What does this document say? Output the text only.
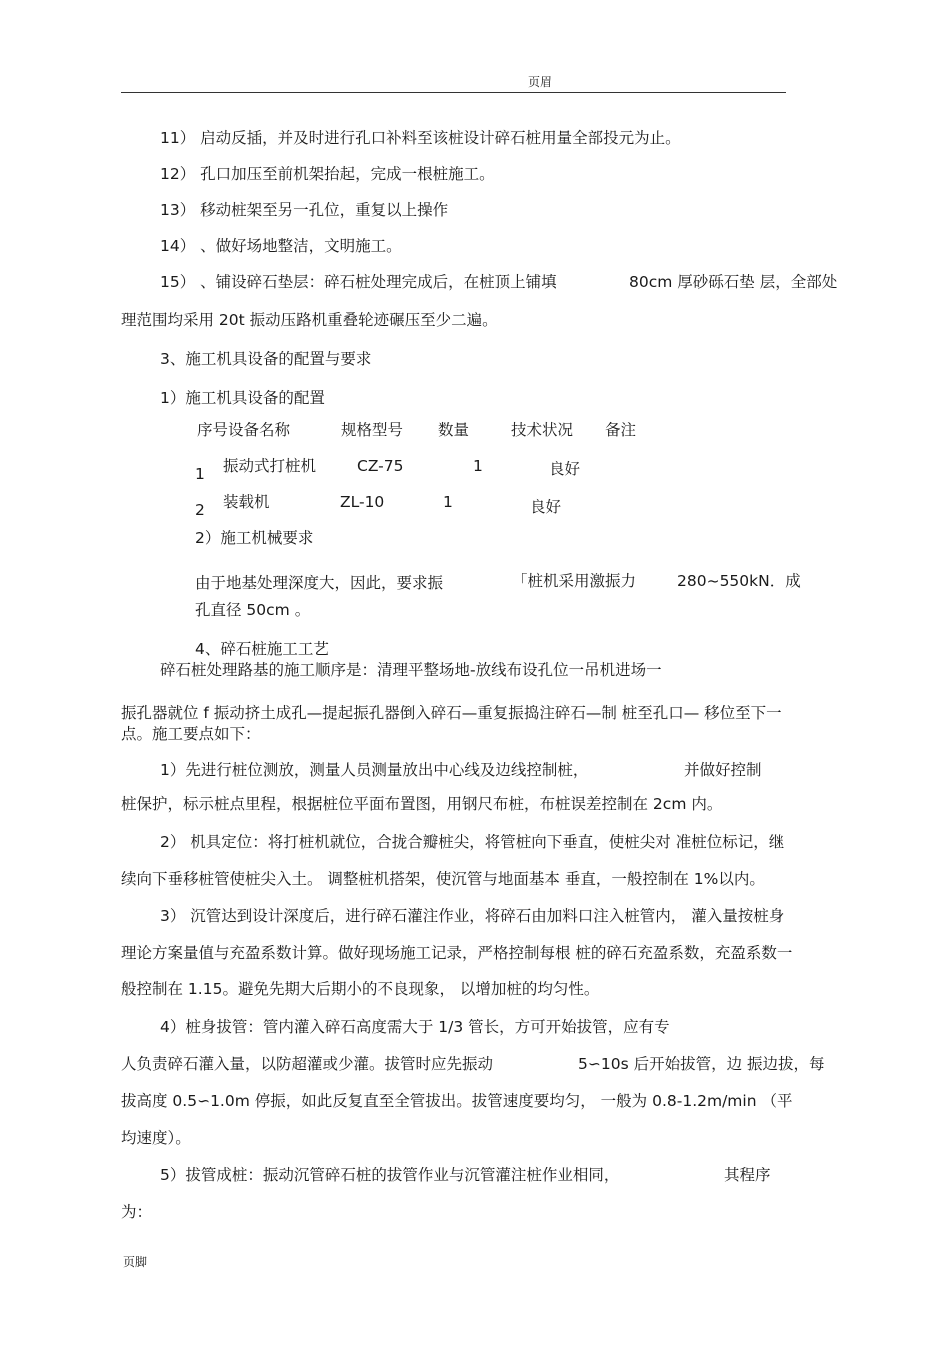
页眉
11） 启动反插，并及时进行孔口补料至该桩设计碎石桩用量全部投元为止。
12） 孔口加压至前机架抬起，完成一根桩施工。
13） 移动桩架至另一孔位，重复以上操作
14） 、做好场地整洁，文明施工。
15） 、铺设碎石垫层：碎石桩处理完成后，在桩顶上铺填	80cm 厚砂砾石垫 层，全部处
理范围均采用 20t 振动压路机重叠轮迹碾压至少二遍。
3、施工机具设备的配置与要求
1）施工机具设备的配置
序号设备名称	规格型号 数量	技术状况 备注
1 振动式打桩机	CZ-75	1	良好
2 装载机	ZL-10	1	良好
2）施工机械要求
由于地基处理深度大，因此，要求振	「桩机采用激振力	280~550kN．成
孔直径 50cm 。
4、碎石桩施工工艺
碎石桩处理路基的施工顺序是：清理平整场地-放线布设孔位一吊机进场一
振孔器就位 f 振动挤土成孔—提起振孔器倒入碎石—重复振捣注碎石—制 桩至孔口— 移位至下一
点。施工要点如下：
1）先进行桩位测放，测量人员测量放出中心线及边线控制桩，	并做好控制
桩保护，标示桩点里程，根据桩位平面布置图，用钢尺布桩，布桩误差控制在 2cm 内。
2） 机具定位：将打桩机就位，合拢合瓣桩尖，将管桩向下垂直，使桩尖对 准桩位标记，继
续向下垂移桩管使桩尖入土。 调整桩机搭架，使沉管与地面基本 垂直，一般控制在 1%以内。
3） 沉管达到设计深度后，进行碎石灌注作业，将碎石由加料口注入桩管内， 灌入量按桩身
理论方案量值与充盈系数计算。做好现场施工记录，严格控制每根 桩的碎石充盈系数，充盈系数一
般控制在 1.15。避免先期大后期小的不良现象， 以增加桩的均匀性。
4）桩身拔管：管内灌入碎石高度需大于 1/3 管长，方可开始拔管，应有专
人负责碎石灌入量，以防超灌或少灌。拔管时应先振动	5∽10s 后开始拔管，边 振边拔，每
拔高度 0.5∽1.0m 停振，如此反复直至全管拔出。拔管速度要均匀， 一般为 0.8-1.2m/min （平
均速度）。
5）拔管成桩：振动沉管碎石桩的拔管作业与沉管灌注桩作业相同，	其程序
为：
页脚
